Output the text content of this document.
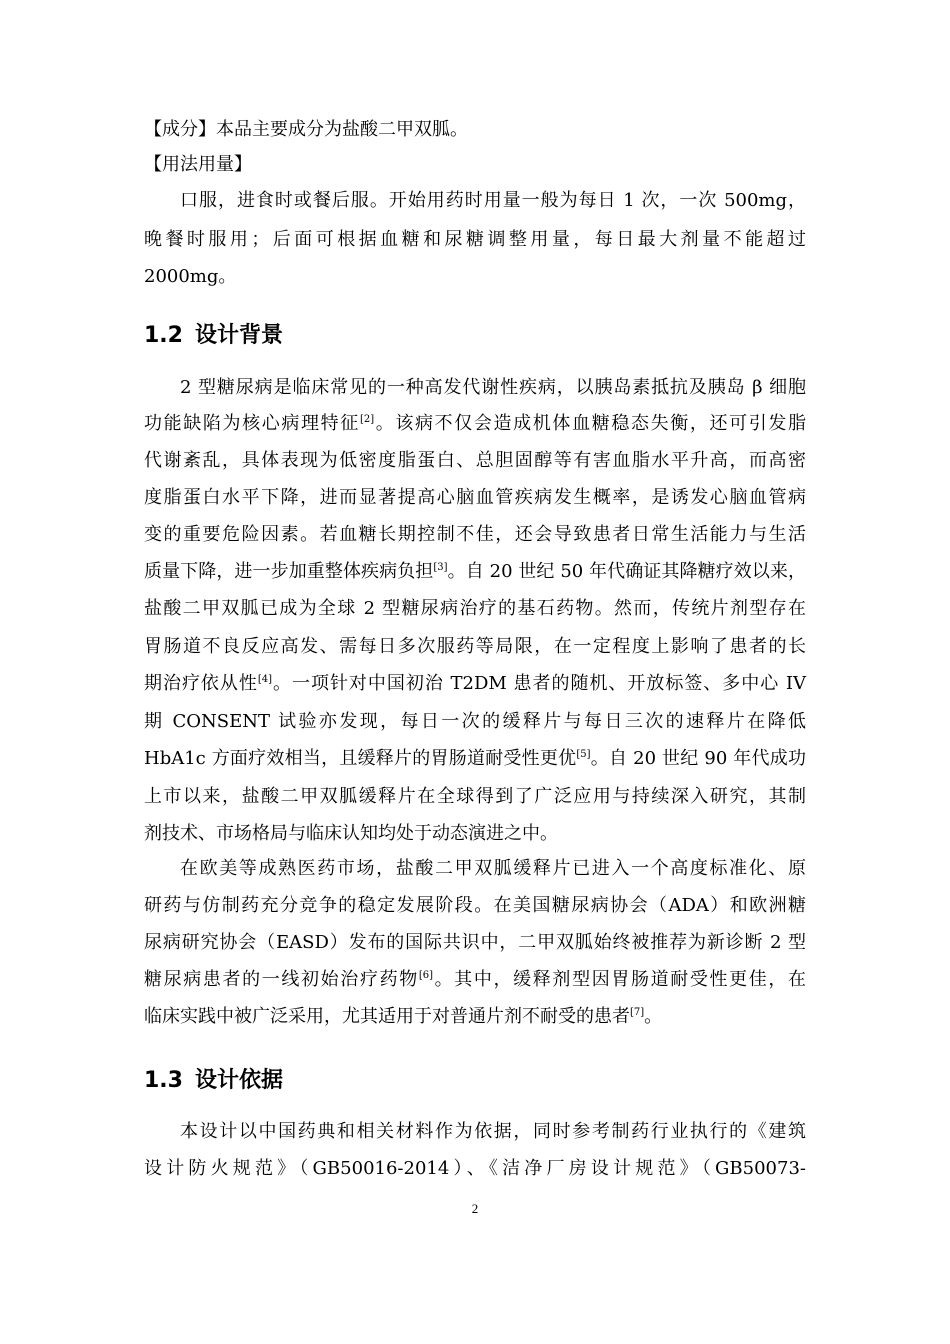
【成分】本品主要成分为盐酸二甲双胍。
【用法用量】
口服，进食时或餐后服。开始用药时用量一般为每日 1 次，一次 500mg，
晚餐时服用；后面可根据血糖和尿糖调整用量，每日最大剂量不能超过
2000mg。
1.2 设计背景
2 型糖尿病是临床常见的一种高发代谢性疾病，以胰岛素抵抗及胰岛 β 细胞
功能缺陷为核心病理特征[2]。该病不仅会造成机体血糖稳态失衡，还可引发脂
代谢紊乱，具体表现为低密度脂蛋白、总胆固醇等有害血脂水平升高，而高密
度脂蛋白水平下降，进而显著提高心脑血管疾病发生概率，是诱发心脑血管病
变的重要危险因素。若血糖长期控制不佳，还会导致患者日常生活能力与生活
质量下降，进一步加重整体疾病负担[3]。自 20 世纪 50 年代确证其降糖疗效以来，
盐酸二甲双胍已成为全球 2 型糖尿病治疗的基石药物。然而，传统片剂型存在
胃肠道不良反应高发、需每日多次服药等局限，在一定程度上影响了患者的长
期治疗依从性[4]。一项针对中国初治 T2DM 患者的随机、开放标签、多中心 IV
期 CONSENT 试验亦发现，每日一次的缓释片与每日三次的速释片在降低
HbA1c 方面疗效相当，且缓释片的胃肠道耐受性更优[5]。自 20 世纪 90 年代成功
上市以来，盐酸二甲双胍缓释片在全球得到了广泛应用与持续深入研究，其制
剂技术、市场格局与临床认知均处于动态演进之中。
在欧美等成熟医药市场，盐酸二甲双胍缓释片已进入一个高度标准化、原
研药与仿制药充分竞争的稳定发展阶段。在美国糖尿病协会（ADA）和欧洲糖
尿病研究协会（EASD）发布的国际共识中，二甲双胍始终被推荐为新诊断 2 型
糖尿病患者的一线初始治疗药物[6]。其中，缓释剂型因胃肠道耐受性更佳，在
临床实践中被广泛采用，尤其适用于对普通片剂不耐受的患者[7]。
1.3 设计依据
本设计以中国药典和相关材料作为依据，同时参考制药行业执行的《建筑
设计防火规范》（GB50016-2014）、《洁净厂房设计规范》（GB50073-
2
